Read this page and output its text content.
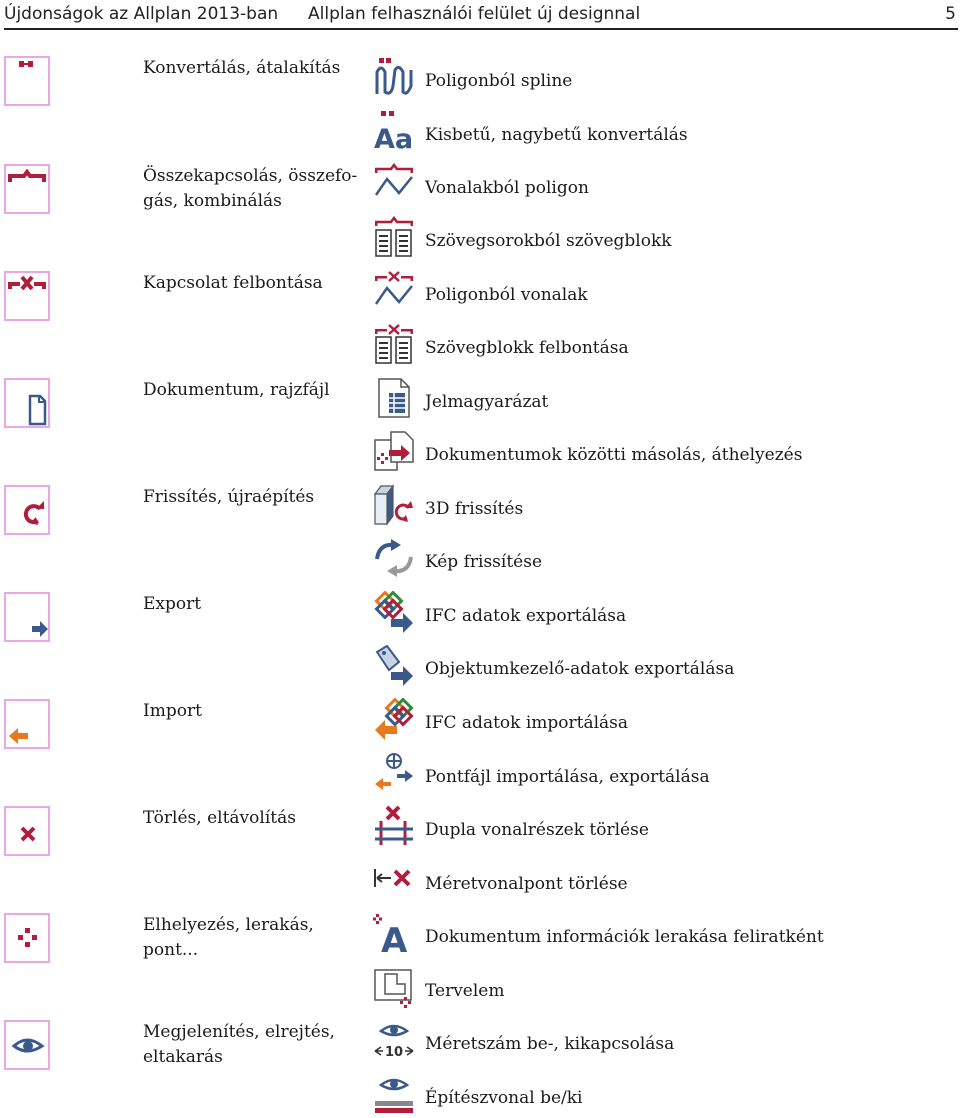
Újdonságok az Allplan 2013-ban Allplan felhasználói felület új designnal	5
Konvertálás, átalakítás
Összekapcsolás, összefo-gás, kombinálás
Kapcsolat felbontása
Dokumentum, rajzfájl
Frissítés, újraépítés
Export
Import
Törlés, eltávolítás
Elhelyezés, lerakás, pont...
Megjelenítés, elrejtés, eltakarás
Poligonból spline
Aa Kisbetű, nagybetű konvertálás
Vonalakból poligon
Szövegsorokból szövegblokk
Poligonból vonalak
Szövegblokk felbontása
Jelmagyarázat
Dokumentumok közötti másolás, áthelyezés
3D frissítés
Kép frissítése
IFC adatok exportálása
Objektumkezelő-adatok exportálása
IFC adatok importálása
Pontfájl importálása, exportálása
Dupla vonalrészek törlése
Méretvonalpont törlése
A Dokumentum információk lerakása feliratként
Tervelem
10 Méretszám be-, kikapcsolása
Építészvonal be/ki
